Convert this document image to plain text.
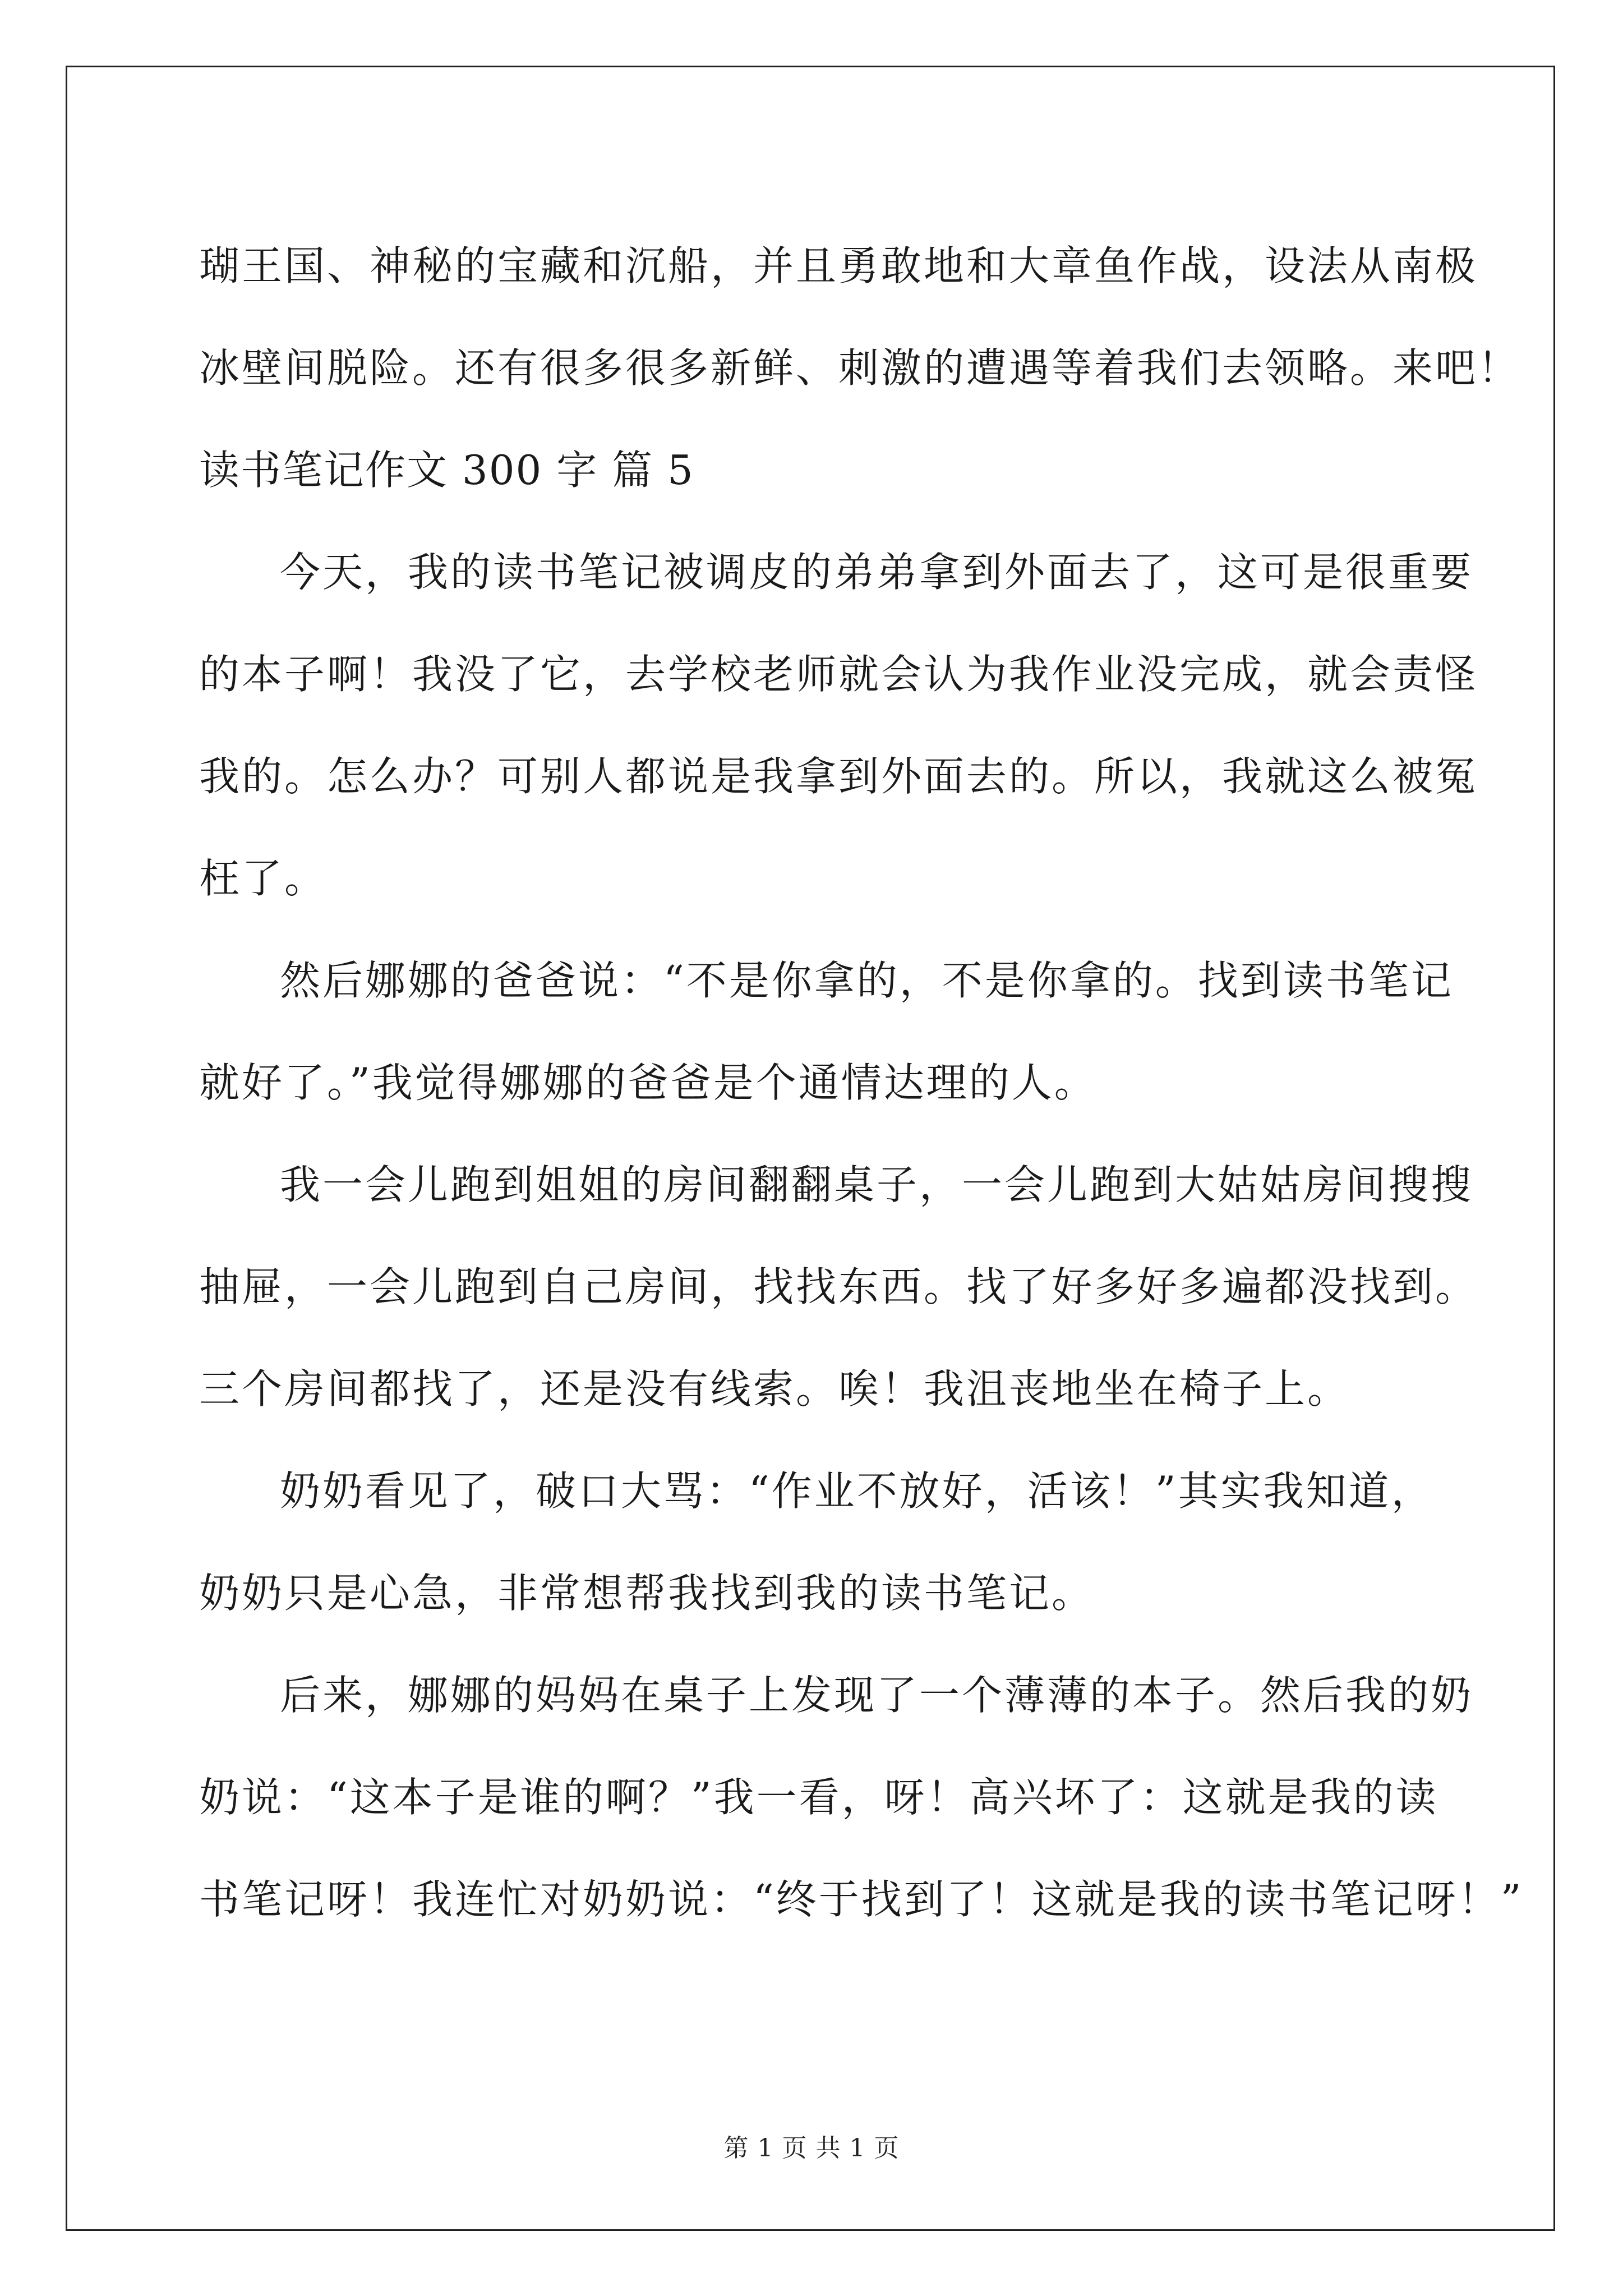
瑚王国、神秘的宝藏和沉船，并且勇敢地和大章鱼作战，设法从南极
冰壁间脱险。还有很多很多新鲜、刺激的遭遇等着我们去领略。来吧！
读书笔记作文 300 字 篇 5
今天，我的读书笔记被调皮的弟弟拿到外面去了，这可是很重要
的本子啊！我没了它，去学校老师就会认为我作业没完成，就会责怪
我的。怎么办？可别人都说是我拿到外面去的。所以，我就这么被冤
枉了。
然后娜娜的爸爸说：“不是你拿的，不是你拿的。找到读书笔记
就好了。”我觉得娜娜的爸爸是个通情达理的人。
我一会儿跑到姐姐的房间翻翻桌子，一会儿跑到大姑姑房间搜搜
抽屉，一会儿跑到自己房间，找找东西。找了好多好多遍都没找到。
三个房间都找了，还是没有线索。唉！我沮丧地坐在椅子上。
奶奶看见了，破口大骂：“作业不放好，活该！”其实我知道，
奶奶只是心急，非常想帮我找到我的读书笔记。
后来，娜娜的妈妈在桌子上发现了一个薄薄的本子。然后我的奶
奶说：“这本子是谁的啊？”我一看，呀！高兴坏了：这就是我的读
书笔记呀！我连忙对奶奶说：“终于找到了！这就是我的读书笔记呀！”
第 1 页 共 1 页
